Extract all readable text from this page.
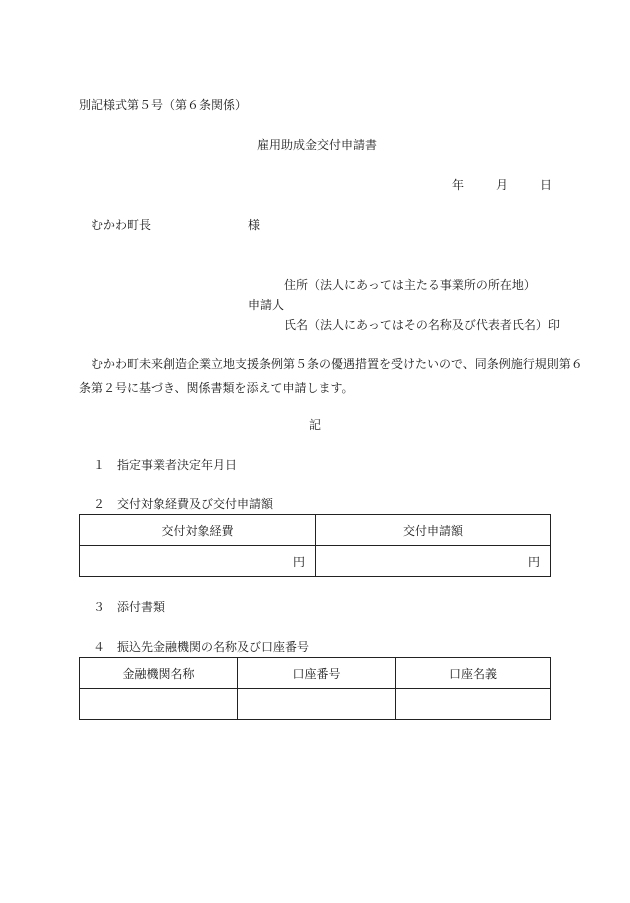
別記様式第５号（第６条関係）
雇用助成金交付申請書
年	月	日
むかわ町長	様
住所（法人にあっては主たる事業所の所在地）
申請人
氏名（法人にあってはその名称及び代表者氏名）印
むかわ町未来創造企業立地支援条例第５条の優遇措置を受けたいので、同条例施行規則第６
条第２号に基づき、関係書類を添えて申請します。
記
１ 指定事業者決定年月日
２ 交付対象経費及び交付申請額
交付対象経費	交付申請額
円	円
３ 添付書類
４ 振込先金融機関の名称及び口座番号
金融機関名称	口座番号	口座名義
